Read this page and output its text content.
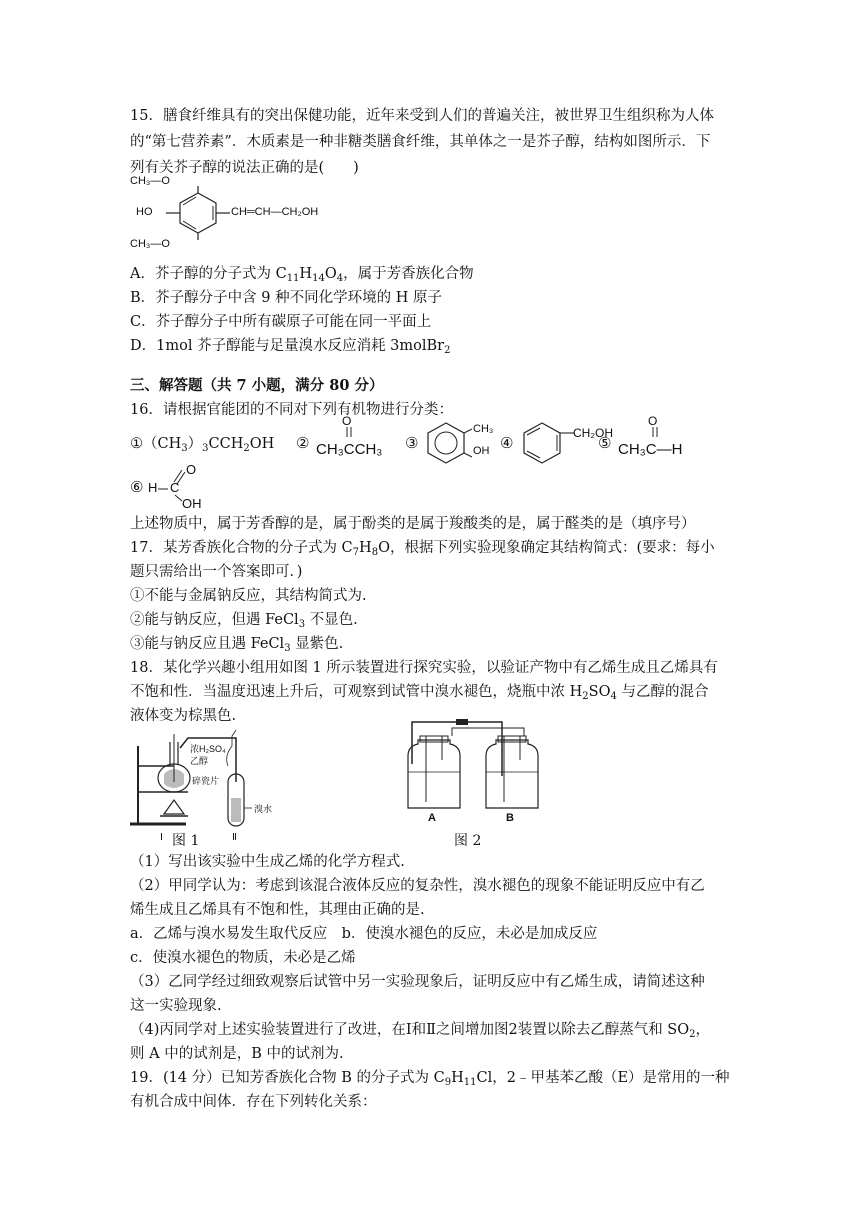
15．膳食纤维具有的突出保健功能，近年来受到人们的普遍关注，被世界卫生组织称为人体
的“第七营养素”．木质素是一种非糖类膳食纤维，其单体之一是芥子醇，结构如图所示．下
列有关芥子醇的说法正确的是(　　)
CH₃—O
HO	CH═CH—CH₂OH
CH₃—O
A．芥子醇的分子式为 $C_{11}H_{14}O_4$，属于芳香族化合物
B．芥子醇分子中含 9 种不同化学环境的 H 原子
C．芥子醇分子中所有碳原子可能在同一平面上
D．1mol 芥子醇能与足量溴水反应消耗 3molBr$_2$
三、解答题（共 7 小题，满分 80 分）
16．请根据官能团的不同对下列有机物进行分类：
$①(CH_3)_3CCH_2OH$ ②
O
CH₃CCH₃ ③
CH₃
OH ④
CH₂OH
⑤
O
CH₃C—H
⑥ H C
O
OH
上述物质中，属于芳香醇的是，属于酚类的是属于羧酸类的是，属于醛类的是（填序号）
17．某芳香族化合物的分子式为 $C_7H_8O$，根据下列实验现象确定其结构简式：(要求：每小
题只需给出一个答案即可．)
①不能与金属钠反应，其结构简式为.
②能与钠反应，但遇 FeCl$_3$ 不显色.
③能与钠反应且遇 FeCl$_3$ 显紫色.
18．某化学兴趣小组用如图 1 所示装置进行探究实验，以验证产物中有乙烯生成且乙烯具有
不饱和性．当温度迅速上升后，可观察到试管中溴水褪色，烧瓶中浓 $H_2SO_4$ 与乙醇的混合
液体变为棕黑色.
浓H₂SO₄
乙醇
碎瓷片
溴水
Ⅰ	Ⅱ
图 1
A	B
图 2
（1）写出该实验中生成乙烯的化学方程式.
（2）甲同学认为：考虑到该混合液体反应的复杂性，溴水褪色的现象不能证明反应中有乙
烯生成且乙烯具有不饱和性，其理由正确的是.
a．乙烯与溴水易发生取代反应　b．使溴水褪色的反应，未必是加成反应
c．使溴水褪色的物质，未必是乙烯
（3）乙同学经过细致观察后试管中另一实验现象后，证明反应中有乙烯生成，请简述这种
这一实验现象.
（4)丙同学对上述实验装置进行了改进，在Ⅰ和Ⅱ之间增加图2装置以除去乙醇蒸气和 $SO_2$，
则 A 中的试剂是，B 中的试剂为.
19．(14 分）已知芳香族化合物 B 的分子式为 $C_9H_{11}Cl$，2﹣甲基苯乙酸（E）是常用的一种
有机合成中间体．存在下列转化关系：
